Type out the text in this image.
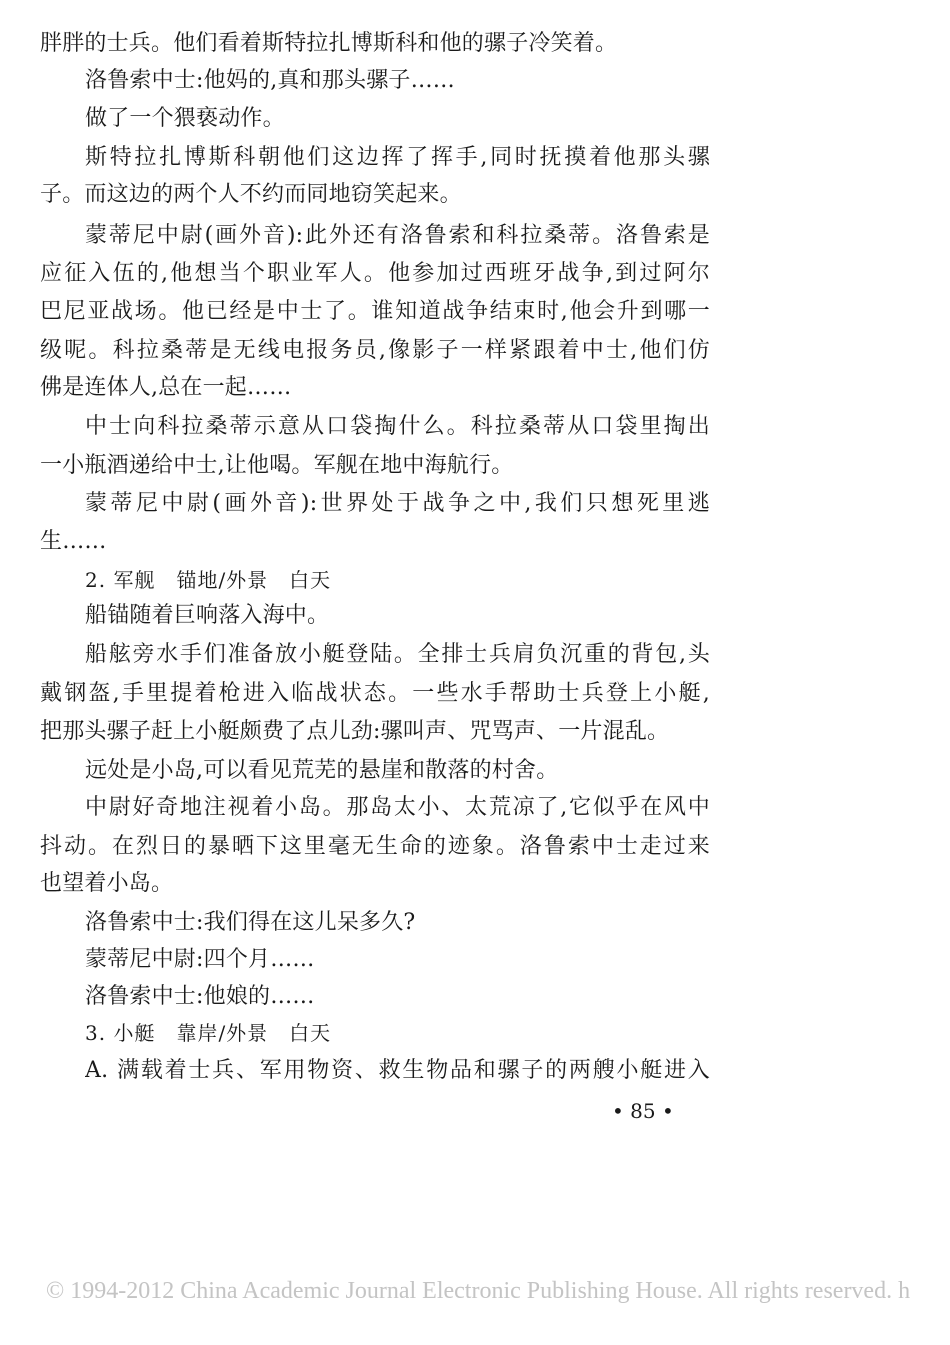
胖胖的士兵。他们看着斯特拉扎博斯科和他的骡子冷笑着。
洛鲁索中士:他妈的,真和那头骡子……
做了一个猥亵动作。
斯特拉扎博斯科朝他们这边挥了挥手,同时抚摸着他那头骡
子。而这边的两个人不约而同地窃笑起来。
蒙蒂尼中尉(画外音):此外还有洛鲁索和科拉桑蒂。洛鲁索是
应征入伍的,他想当个职业军人。他参加过西班牙战争,到过阿尔
巴尼亚战场。他已经是中士了。谁知道战争结束时,他会升到哪一
级呢。科拉桑蒂是无线电报务员,像影子一样紧跟着中士,他们仿
佛是连体人,总在一起……
中士向科拉桑蒂示意从口袋掏什么。科拉桑蒂从口袋里掏出
一小瓶酒递给中士,让他喝。军舰在地中海航行。
蒙蒂尼中尉(画外音):世界处于战争之中,我们只想死里逃
生……
2. 军舰　锚地/外景　白天
船锚随着巨响落入海中。
船舷旁水手们准备放小艇登陆。全排士兵肩负沉重的背包,头
戴钢盔,手里提着枪进入临战状态。一些水手帮助士兵登上小艇,
把那头骡子赶上小艇颇费了点儿劲:骡叫声、咒骂声、一片混乱。
远处是小岛,可以看见荒芜的悬崖和散落的村舍。
中尉好奇地注视着小岛。那岛太小、太荒凉了,它似乎在风中
抖动。在烈日的暴晒下这里毫无生命的迹象。洛鲁索中士走过来
也望着小岛。
洛鲁索中士:我们得在这儿呆多久?
蒙蒂尼中尉:四个月……
洛鲁索中士:他娘的……
3. 小艇　靠岸/外景　白天
A. 满载着士兵、军用物资、救生物品和骡子的两艘小艇进入
• 85 •
© 1994-2012 China Academic Journal Electronic Publishing House. All rights reserved. h
